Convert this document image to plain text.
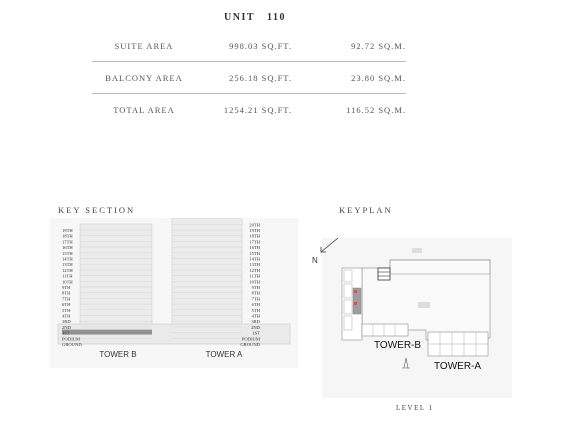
UNIT 110
SUITE AREA	998.03 SQ.FT.	92.72 SQ.M.
BALCONY AREA	256.18 SQ.FT.	23.80 SQ.M.
TOTAL AREA	1254.21 SQ.FT.	116.52 SQ.M.
KEY SECTION	KEYPLAN
19TH
18TH
17TH
16TH
15TH
14TH
13TH
12TH
11TH
10TH
9TH
8TH
7TH
6TH
5TH
4TH
3RD
2ND
1ST
PODIUM
GROUND
20TH
19TH
18TH
17TH
16TH
15TH
14TH
13TH
12TH
11TH
10TH
9TH
8TH
7TH
6TH
5TH
4TH
3RD
2ND
1ST
PODIUM
GROUND
TOWER B	TOWER A
N
TOWER-B
TOWER-A
LEVEL 1
